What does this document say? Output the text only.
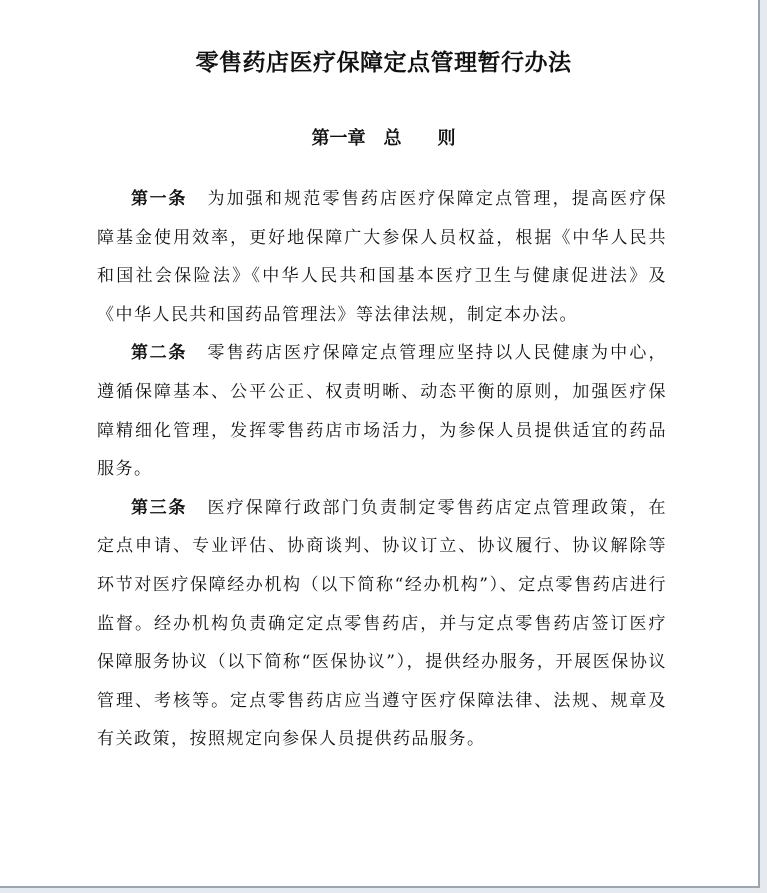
零售药店医疗保障定点管理暂行办法
第一章　总　　则

第一条 为加强和规范零售药店医疗保障定点管理，提高医疗保障基金使用效率，更好地保障广大参保人员权益，根据《中华人民共和国社会保险法》《中华人民共和国基本医疗卫生与健康促进法》及《中华人民共和国药品管理法》等法律法规，制定本办法。

第二条 零售药店医疗保障定点管理应坚持以人民健康为中心，遵循保障基本、公平公正、权责明晰、动态平衡的原则，加强医疗保障精细化管理，发挥零售药店市场活力，为参保人员提供适宜的药品服务。

第三条 医疗保障行政部门负责制定零售药店定点管理政策，在定点申请、专业评估、协商谈判、协议订立、协议履行、协议解除等环节对医疗保障经办机构（以下简称“经办机构”）、定点零售药店进行监督。经办机构负责确定定点零售药店，并与定点零售药店签订医疗保障服务协议（以下简称“医保协议”），提供经办服务，开展医保协议管理、考核等。定点零售药店应当遵守医疗保障法律、法规、规章及有关政策，按照规定向参保人员提供药品服务。
